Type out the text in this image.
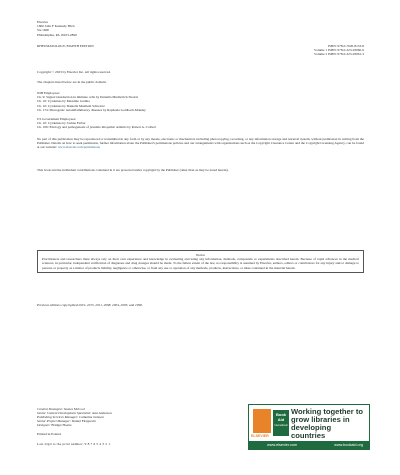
Elsevier
1600 John F Kennedy Blvd.
Ste 1600
Philadelphia, PA 19103-2899
RHEUMATOLOGY, EIGHTH EDITION	ISBN: 978-0-7020-8133-8
Volume 1 ISBN: 978-0-323-93060-9
Volume 2 ISBN: 978-0-323-93061-3
Copyright © 2023 by Elsevier Inc. All rights reserved.
The chapters listed below are in the public domain:
NIH Employees:
Ch. 9: Signal transduction in immune cells by Daniella Muallem Schwartz
Ch. 10: Cytokines by Massimo Gadina
Ch. 10: Cytokines by Daniella Muallem Schwartz
Ch. 174: Monogenic autoinflammatory diseases by Raphaela Goldbach-Mansky
US Government Employees:
Ch. 10: Cytokines by Joshua Farber
Ch. 106: Etiology and pathogenesis of juvenile idiopathic arthritis by Robert A. Colbert
No part of this publication may be reproduced or transmitted in any form or by any means, electronic or mechanical, including photocopying, recording, or any information storage and retrieval system, without permission in writing from the Publisher. Details on how to seek permission, further information about the Publisher's permissions policies and our arrangements with organizations such as the Copyright Clearance Center and the Copyright Licensing Agency, can be found at our website: www.elsevier.com/permissions
This book and the individual contributions contained in it are protected under copyright by the Publisher (other than as may be noted herein).
Notice
Practitioners and researchers must always rely on their own experience and knowledge in evaluating and using any information, methods, compounds or experiments described herein. Because of rapid advances in the medical sciences, in particular, independent verification of diagnoses and drug dosages should be made. To the fullest extent of the law, no responsibility is assumed by Elsevier, authors, editors or contributors for any injury and/or damage to persons or property as a matter of products liability, negligence or otherwise, or from any use or operation of any methods, products, instructions, or ideas contained in the material herein.
Previous editions copyrighted 2019, 2015, 2011, 2008, 2004, 2003, and 1998.
Content Strategist: Jessica McCool
Senior Content Development Specialist: Ann Anderson
Publishing Services Manager: Catherine Jackson
Senior Project Manager: Daniel Fitzgerald
Designer: Bridget Hoette
Printed in Poland.
Last digit is the print number: 9 8 7 6 5 4 3 2 1
ELSEVIER
Book Aid
International
Working together to grow libraries in developing countries
www.elsevier.com	www.bookaid.org
